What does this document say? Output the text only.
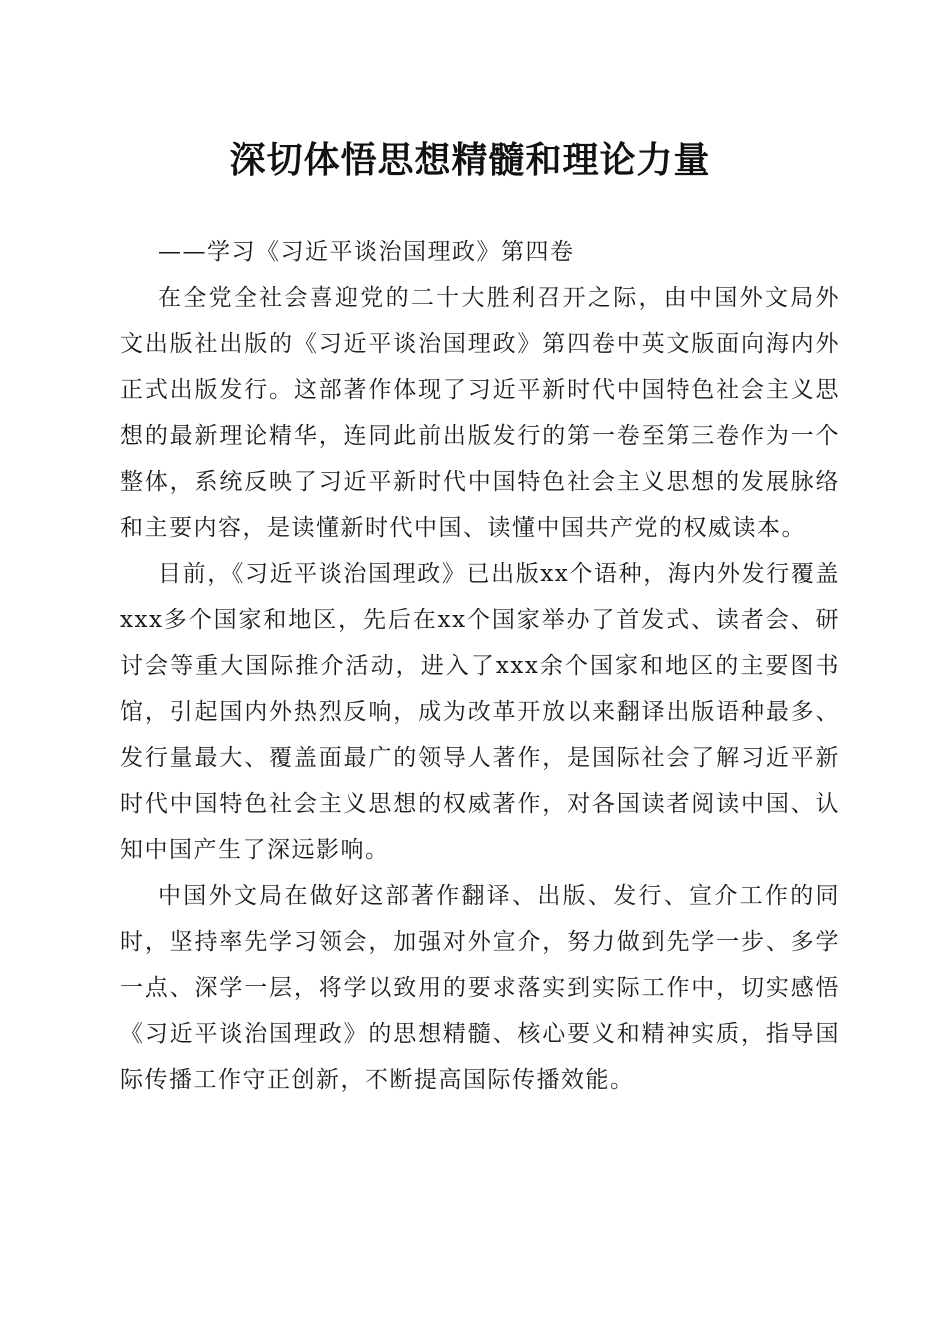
深切体悟思想精髓和理论力量

——学习《习近平谈治国理政》第四卷

在全党全社会喜迎党的二十大胜利召开之际，由中国外文局外文出版社出版的《习近平谈治国理政》第四卷中英文版面向海内外正式出版发行。这部著作体现了习近平新时代中国特色社会主义思想的最新理论精华，连同此前出版发行的第一卷至第三卷作为一个整体，系统反映了习近平新时代中国特色社会主义思想的发展脉络和主要内容，是读懂新时代中国、读懂中国共产党的权威读本。

目前，《习近平谈治国理政》已出版xx个语种，海内外发行覆盖xxx多个国家和地区，先后在xx个国家举办了首发式、读者会、研讨会等重大国际推介活动，进入了xxx余个国家和地区的主要图书馆，引起国内外热烈反响，成为改革开放以来翻译出版语种最多、发行量最大、覆盖面最广的领导人著作，是国际社会了解习近平新时代中国特色社会主义思想的权威著作，对各国读者阅读中国、认知中国产生了深远影响。

中国外文局在做好这部著作翻译、出版、发行、宣介工作的同时，坚持率先学习领会，加强对外宣介，努力做到先学一步、多学一点、深学一层，将学以致用的要求落实到实际工作中，切实感悟《习近平谈治国理政》的思想精髓、核心要义和精神实质，指导国际传播工作守正创新，不断提高国际传播效能。
